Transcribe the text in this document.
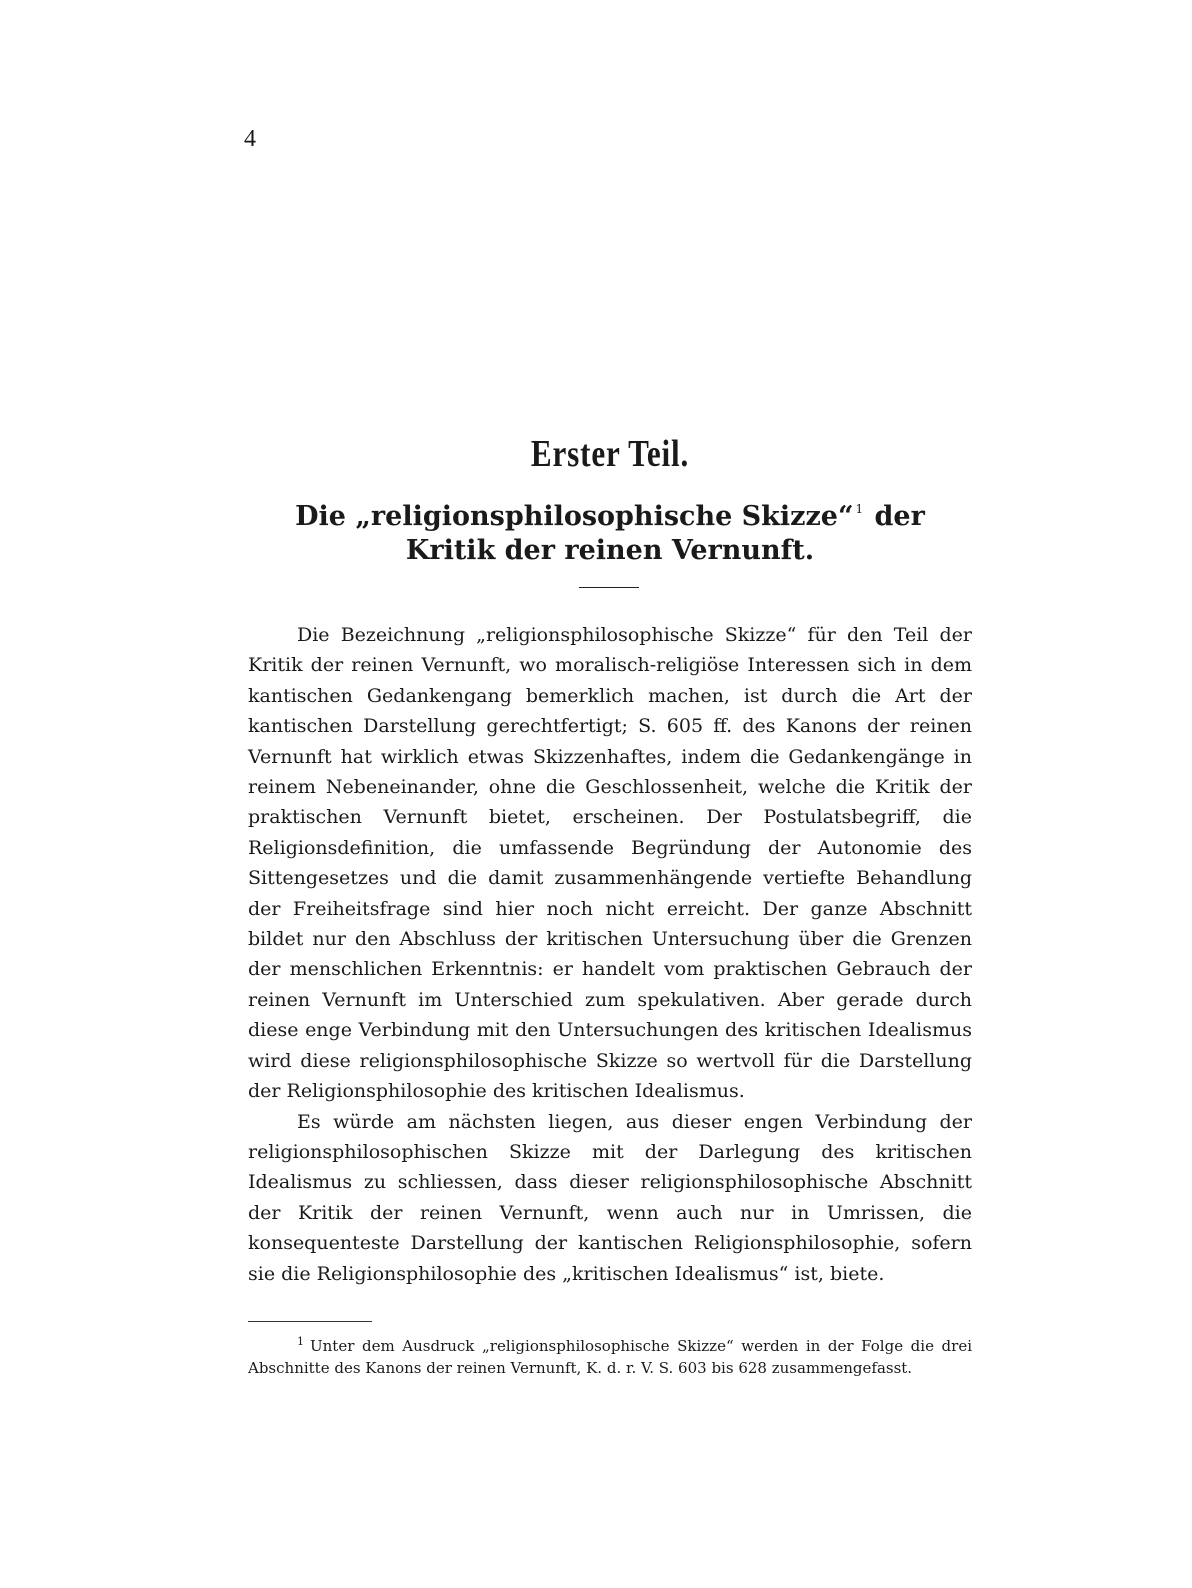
4
Erster Teil.
Die „religionsphilosophische Skizze“ $^1$ der Kritik der reinen Vernunft.

Die Bezeichnung „religionsphilosophische Skizze“ für den Teil der Kritik der reinen Vernunft, wo moralisch-religiöse Interessen sich in dem kantischen Gedankengang bemerklich machen, ist durch die Art der kantischen Darstellung gerechtfertigt; S. 605 ff. des Kanons der reinen Vernunft hat wirklich etwas Skizzenhaftes, indem die Gedankengänge in reinem Nebeneinander, ohne die Geschlossenheit, welche die Kritik der praktischen Vernunft bietet, erscheinen. Der Postulatsbegriff, die Religionsdefinition, die umfassende Begründung der Autonomie des Sittengesetzes und die damit zusammenhängende vertiefte Behandlung der Freiheitsfrage sind hier noch nicht erreicht. Der ganze Abschnitt bildet nur den Abschluss der kritischen Untersuchung über die Grenzen der menschlichen Erkenntnis: er handelt vom praktischen Gebrauch der reinen Vernunft im Unterschied zum spekulativen. Aber gerade durch diese enge Verbindung mit den Untersuchungen des kritischen Idealismus wird diese religionsphilosophische Skizze so wertvoll für die Darstellung der Religionsphilosophie des kritischen Idealismus.

Es würde am nächsten liegen, aus dieser engen Verbindung der religionsphilosophischen Skizze mit der Darlegung des kritischen Idealismus zu schliessen, dass dieser religionsphilosophische Abschnitt der Kritik der reinen Vernunft, wenn auch nur in Umrissen, die konsequenteste Darstellung der kantischen Religionsphilosophie, sofern sie die Religionsphilosophie des „kritischen Idealismus“ ist, biete.

$^1$ Unter dem Ausdruck „religionsphilosophische Skizze“ werden in der Folge die drei Abschnitte des Kanons der reinen Vernunft, K. d. r. V. S. 603 bis 628 zusammengefasst.
